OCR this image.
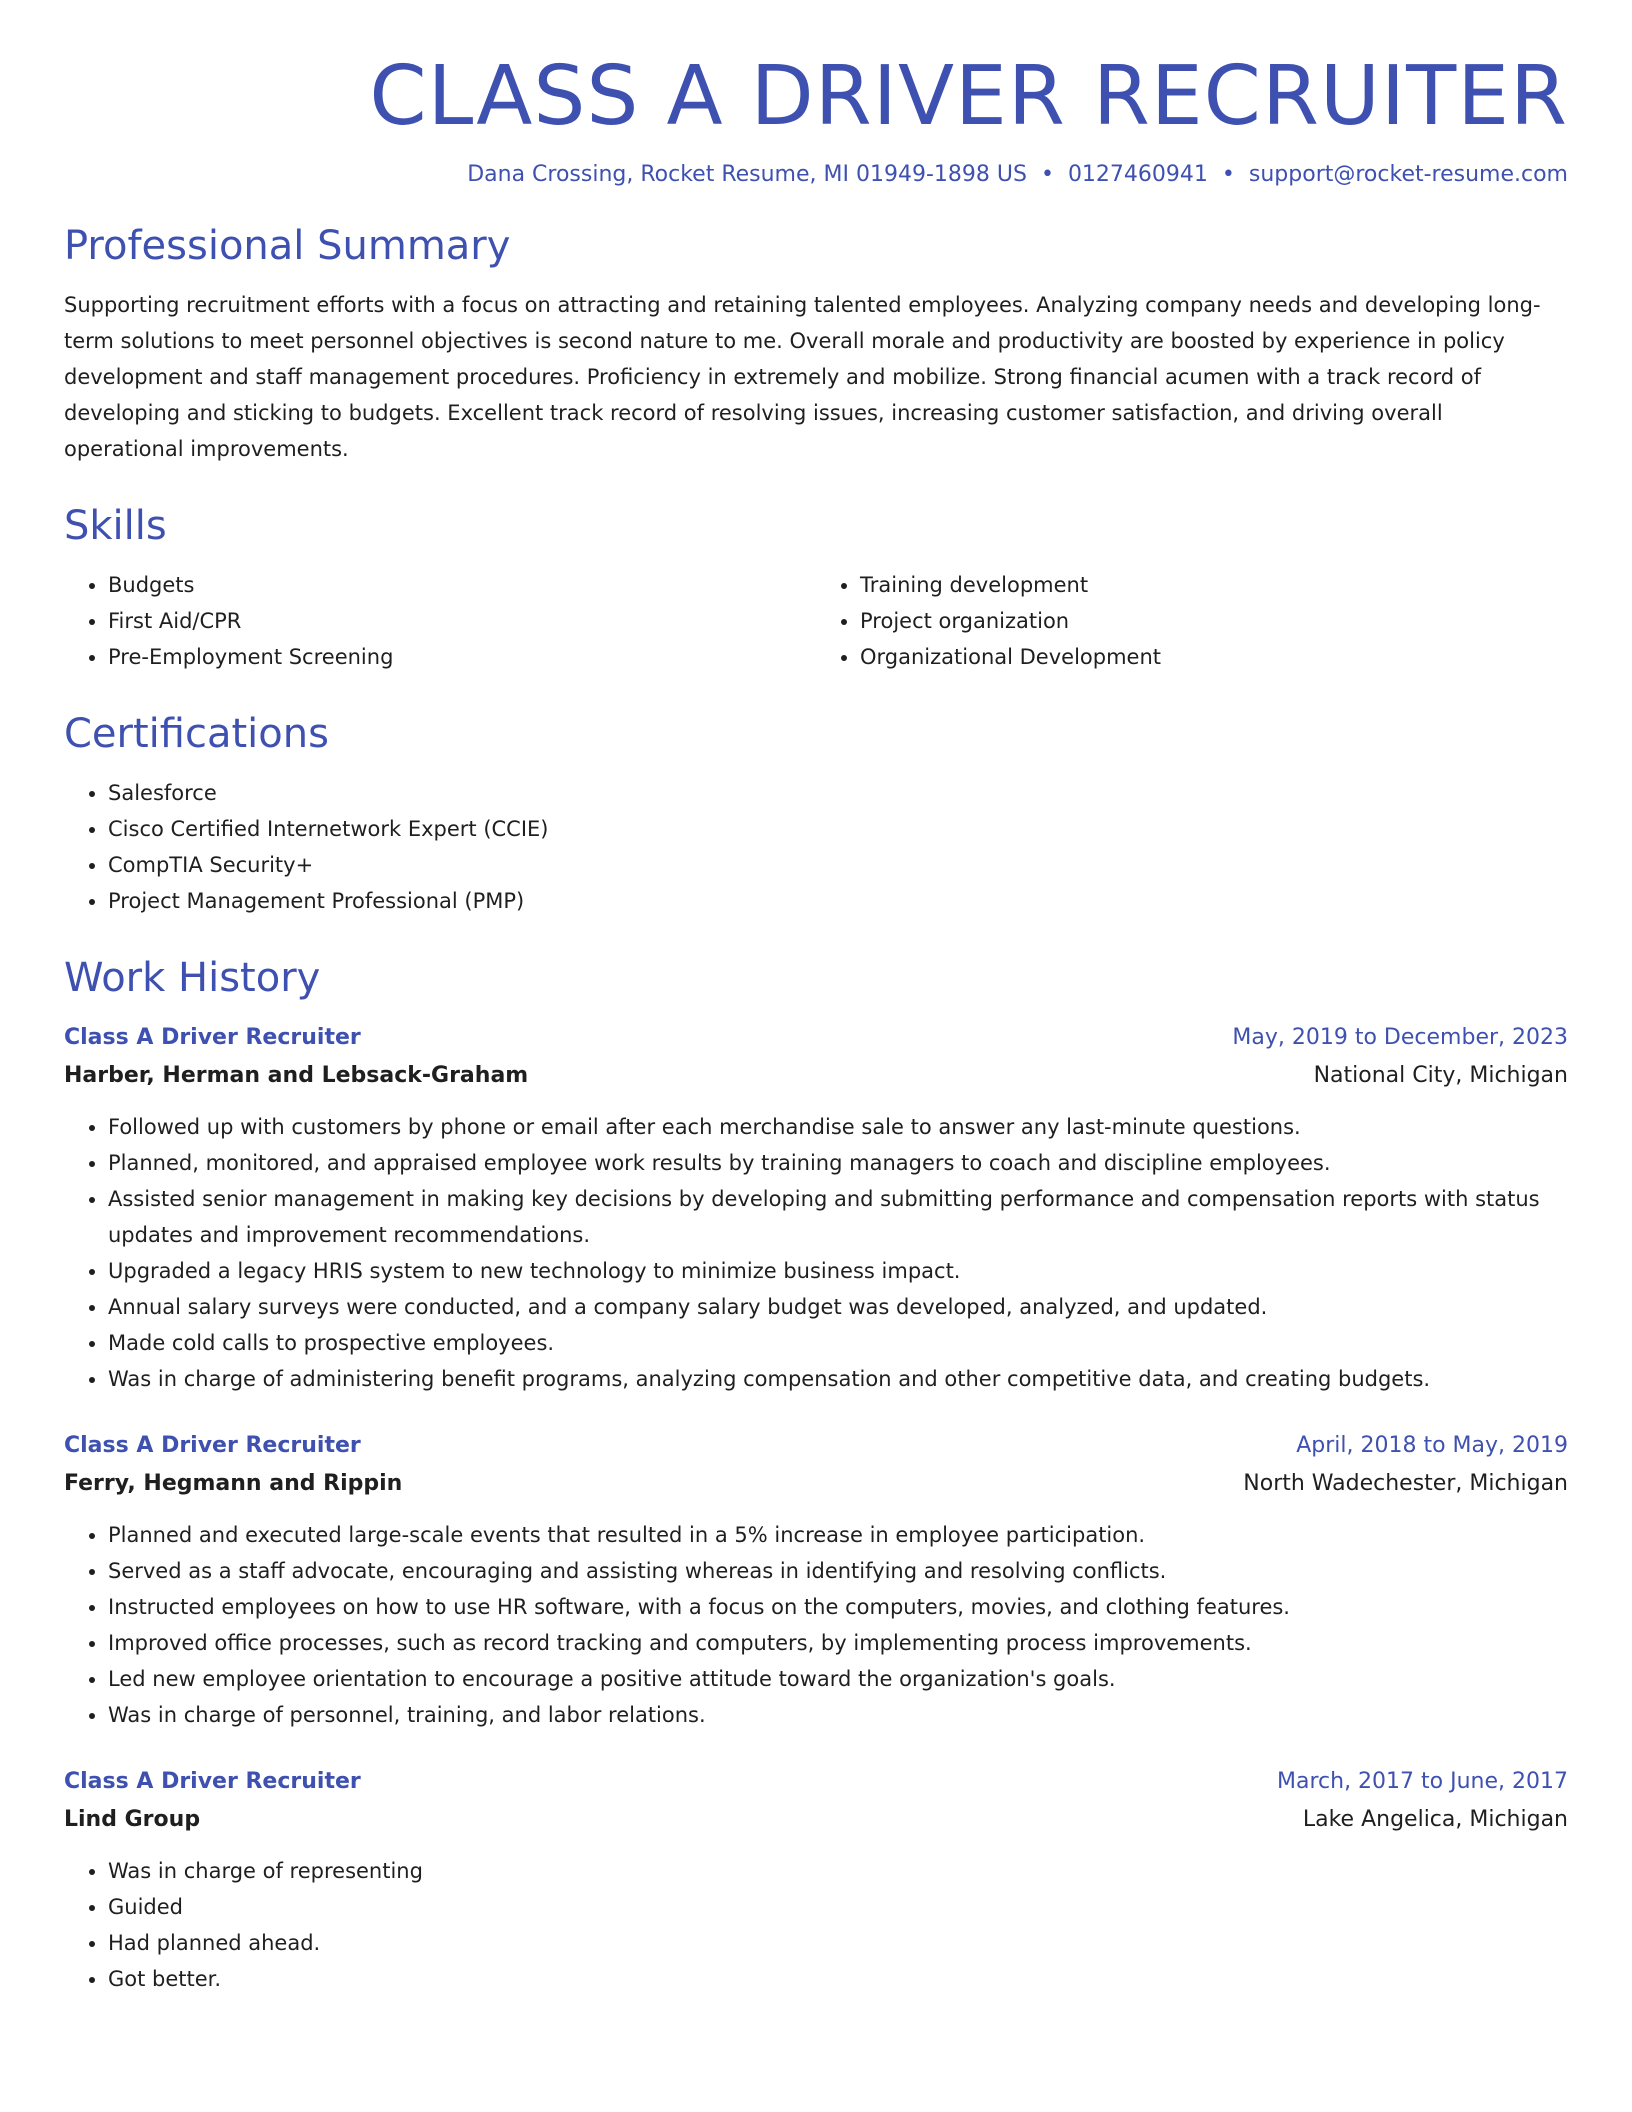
CLASS A DRIVER RECRUITER
Dana Crossing, Rocket Resume, MI 01949-1898 US • 0127460941 • support@rocket-resume.com
Professional Summary

Supporting recruitment efforts with a focus on attracting and retaining talented employees. Analyzing company needs and developing long-term solutions to meet personnel objectives is second nature to me. Overall morale and productivity are boosted by experience in policy development and staff management procedures. Proficiency in extremely and mobilize. Strong financial acumen with a track record of developing and sticking to budgets. Excellent track record of resolving issues, increasing customer satisfaction, and driving overall operational improvements.

Skills
• Budgets
• First Aid/CPR
• Pre-Employment Screening
• Training development
• Project organization
• Organizational Development
Certifications
• Salesforce
• Cisco Certified Internetwork Expert (CCIE)
• CompTIA Security+
• Project Management Professional (PMP)
Work History
Class A Driver Recruiter	May, 2019 to December, 2023
Harber, Herman and Lebsack-Graham	National City, Michigan
• Followed up with customers by phone or email after each merchandise sale to answer any last-minute questions.
• Planned, monitored, and appraised employee work results by training managers to coach and discipline employees.
• Assisted senior management in making key decisions by developing and submitting performance and compensation reports with status updates and improvement recommendations.
• Upgraded a legacy HRIS system to new technology to minimize business impact.
• Annual salary surveys were conducted, and a company salary budget was developed, analyzed, and updated.
• Made cold calls to prospective employees.
• Was in charge of administering benefit programs, analyzing compensation and other competitive data, and creating budgets.
Class A Driver Recruiter	April, 2018 to May, 2019
Ferry, Hegmann and Rippin	North Wadechester, Michigan
• Planned and executed large-scale events that resulted in a 5% increase in employee participation.
• Served as a staff advocate, encouraging and assisting whereas in identifying and resolving conflicts.
• Instructed employees on how to use HR software, with a focus on the computers, movies, and clothing features.
• Improved office processes, such as record tracking and computers, by implementing process improvements.
• Led new employee orientation to encourage a positive attitude toward the organization's goals.
• Was in charge of personnel, training, and labor relations.
Class A Driver Recruiter	March, 2017 to June, 2017
Lind Group	Lake Angelica, Michigan
• Was in charge of representing
• Guided
• Had planned ahead.
• Got better.
